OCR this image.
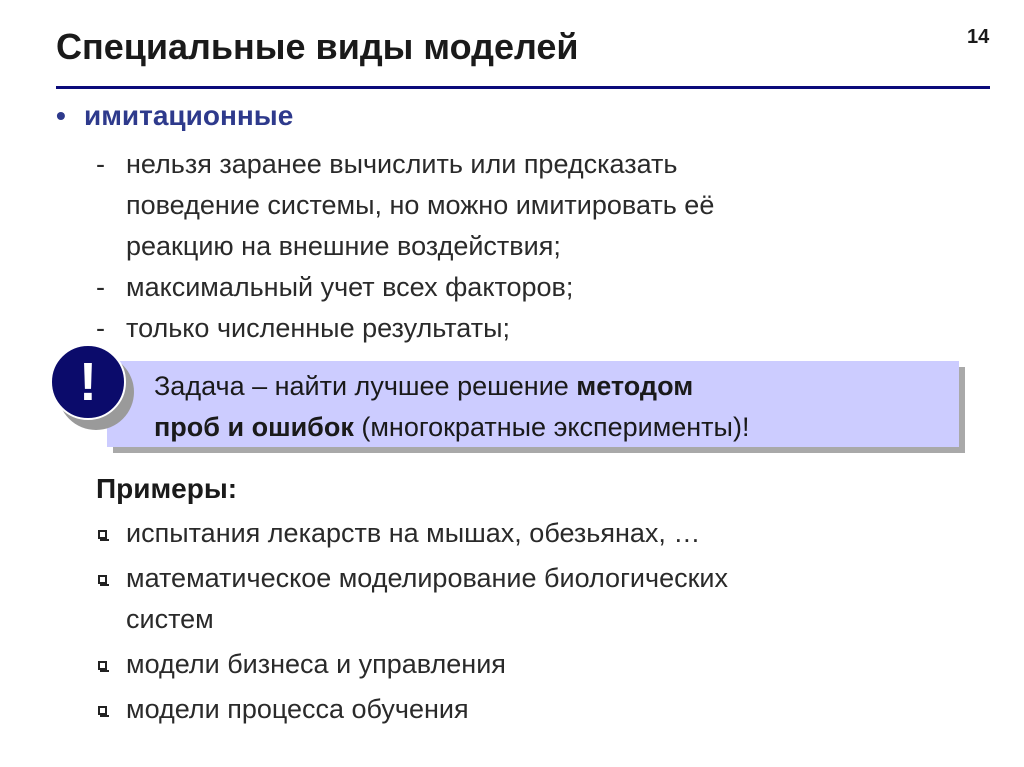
Специальные виды моделей	14
• имитационные
- нельзя заранее вычислить или предсказать
поведение системы, но можно имитировать её
реакцию на внешние воздействия;
- максимальный учет всех факторов;
- только численные результаты;
!	Задача – найти лучшее решение методом
проб и ошибок (многократные эксперименты)!
Примеры:
испытания лекарств на мышах, обезьянах, …
математическое моделирование биологических
систем
модели бизнеса и управления
модели процесса обучения
